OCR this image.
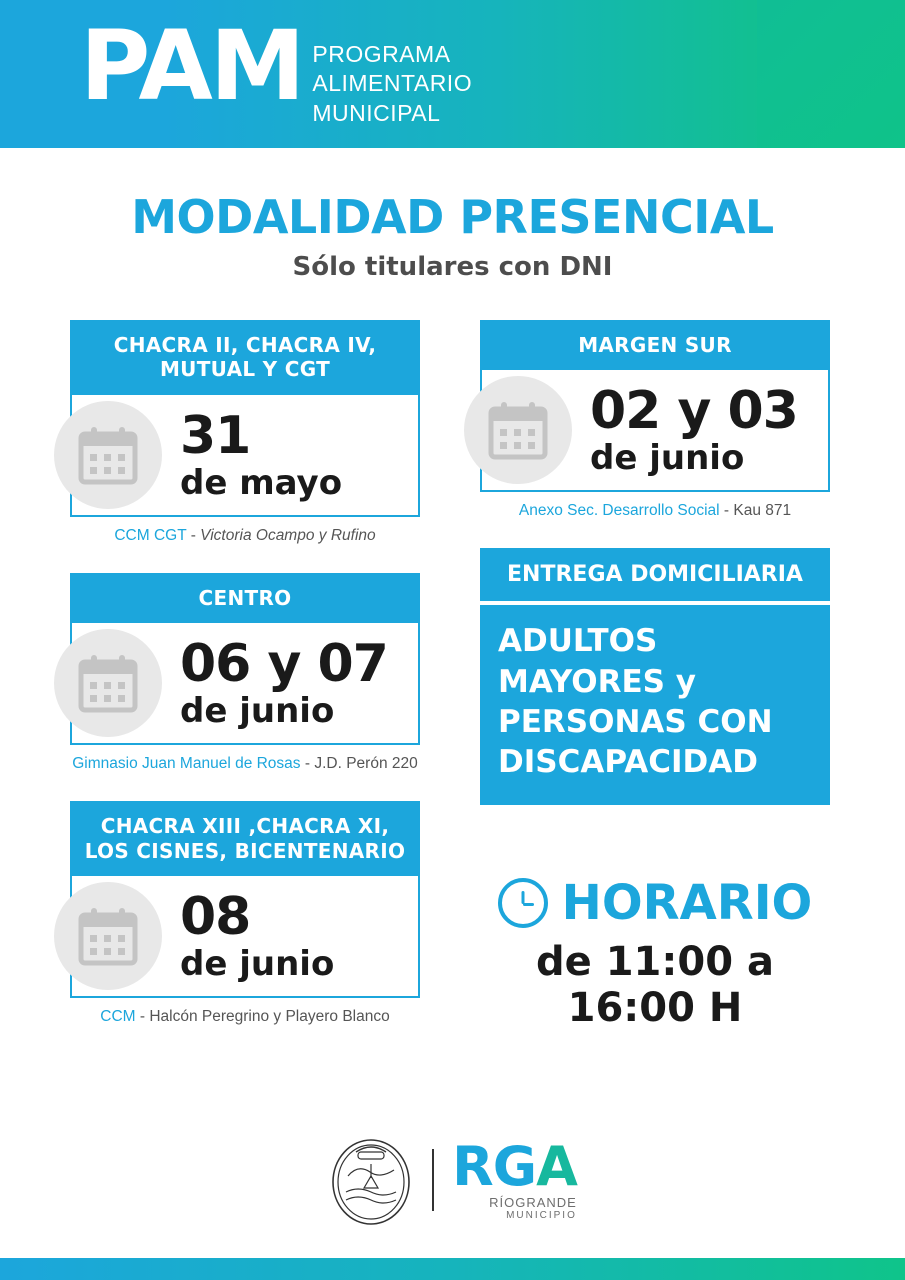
PAM PROGRAMA
ALIMENTARIO
MUNICIPAL
MODALIDAD PRESENCIAL
Sólo titulares con DNI
CHACRA II, CHACRA IV, MUTUAL Y CGT
31
de mayo
CCM CGT - Victoria Ocampo y Rufino
CENTRO
06 y 07
de junio
Gimnasio Juan Manuel de Rosas - J.D. Perón 220
CHACRA XIII ,CHACRA XI, LOS CISNES, BICENTENARIO
08
de junio
CCM - Halcón Peregrino y Playero Blanco
MARGEN SUR
02 y 03
de junio
Anexo Sec. Desarrollo Social - Kau 871
ENTREGA DOMICILIARIA
ADULTOS
MAYORES y
PERSONAS CON
DISCAPACIDAD
HORARIO
de 11:00 a 16:00 H
RGA
RÍOGRANDE
MUNICIPIO
